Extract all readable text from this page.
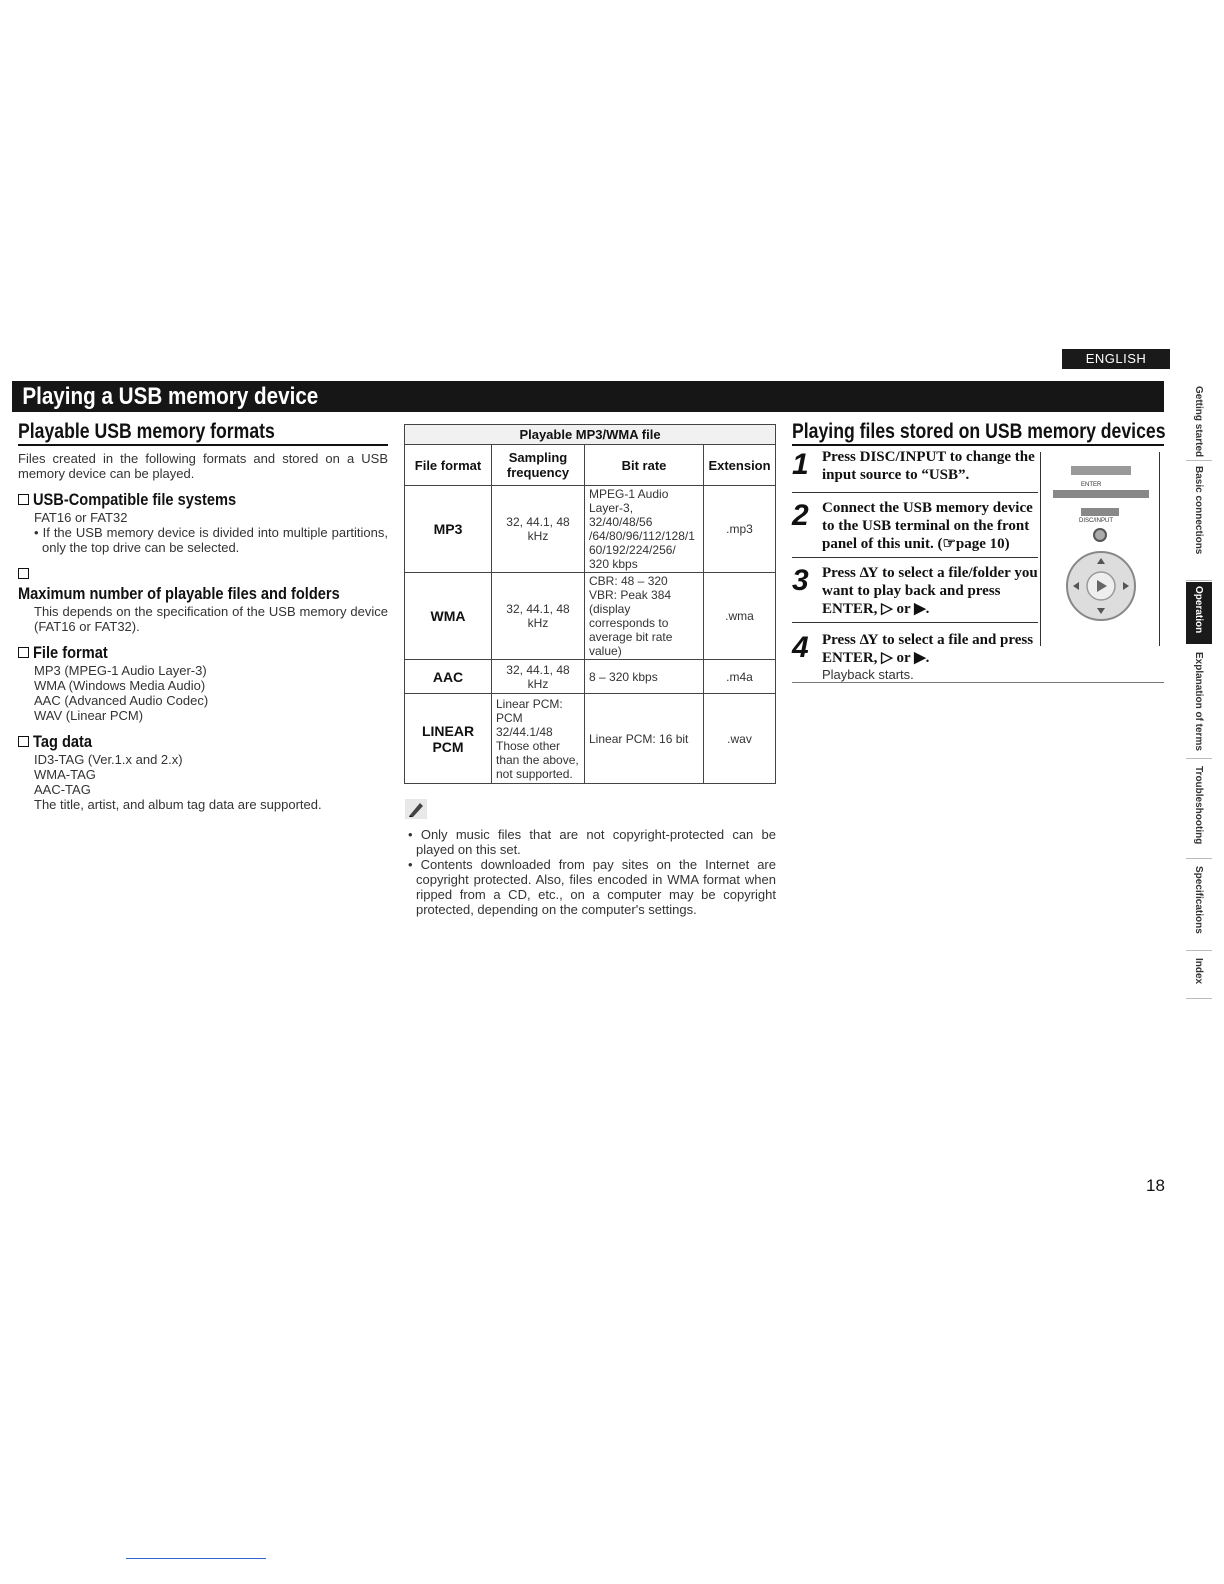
ENGLISH
Playing a USB memory device
Playable USB memory formats
Files created in the following formats and stored on a USB memory device can be played.
USB-Compatible file systems
FAT16 or FAT32
• If the USB memory device is divided into multiple partitions, only the top drive can be selected.
Maximum number of playable files and folders
This depends on the specification of the USB memory device (FAT16 or FAT32).
File format
MP3 (MPEG-1 Audio Layer-3)
WMA (Windows Media Audio)
AAC (Advanced Audio Codec)
WAV (Linear PCM)
Tag data
ID3-TAG (Ver.1.x and 2.x)
WMA-TAG
AAC-TAG
The title, artist, and album tag data are supported.
Playable MP3/WMA file
File format	Sampling frequency	Bit rate	Extension
MP3	32, 44.1, 48 kHz	MPEG-1 Audio Layer-3, 32/40/48/56 /64/80/96/112/128/1 60/192/224/256/ 320 kbps	.mp3
WMA	32, 44.1, 48 kHz	CBR: 48 – 320 VBR: Peak 384 (display corresponds to average bit rate value)	.wma
AAC	32, 44.1, 48 kHz	8 – 320 kbps	.m4a
LINEAR PCM	Linear PCM: PCM 32/44.1/48 Those other than the above, not supported.	Linear PCM: 16 bit	.wav
• Only music files that are not copyright-protected can be played on this set.
• Contents downloaded from pay sites on the Internet are copyright protected. Also, files encoded in WMA format when ripped from a CD, etc., on a computer may be copyright protected, depending on the computer's settings.
Playing files stored on USB memory devices
1 Press DISC/INPUT to change the input source to “USB”.
2 Connect the USB memory device to the USB terminal on the front panel of this unit. (☞page 10)
3 Press ΔΥ to select a file/folder you want to play back and press ENTER, ▷ or ▶.
4 Press ΔΥ to select a file and press ENTER, ▷ or ▶.
Playback starts.
ENTER
DISC/INPUT
Getting started
Basic connections
Operation
Explanation of terms
Troubleshooting
Specifications
Index
18
